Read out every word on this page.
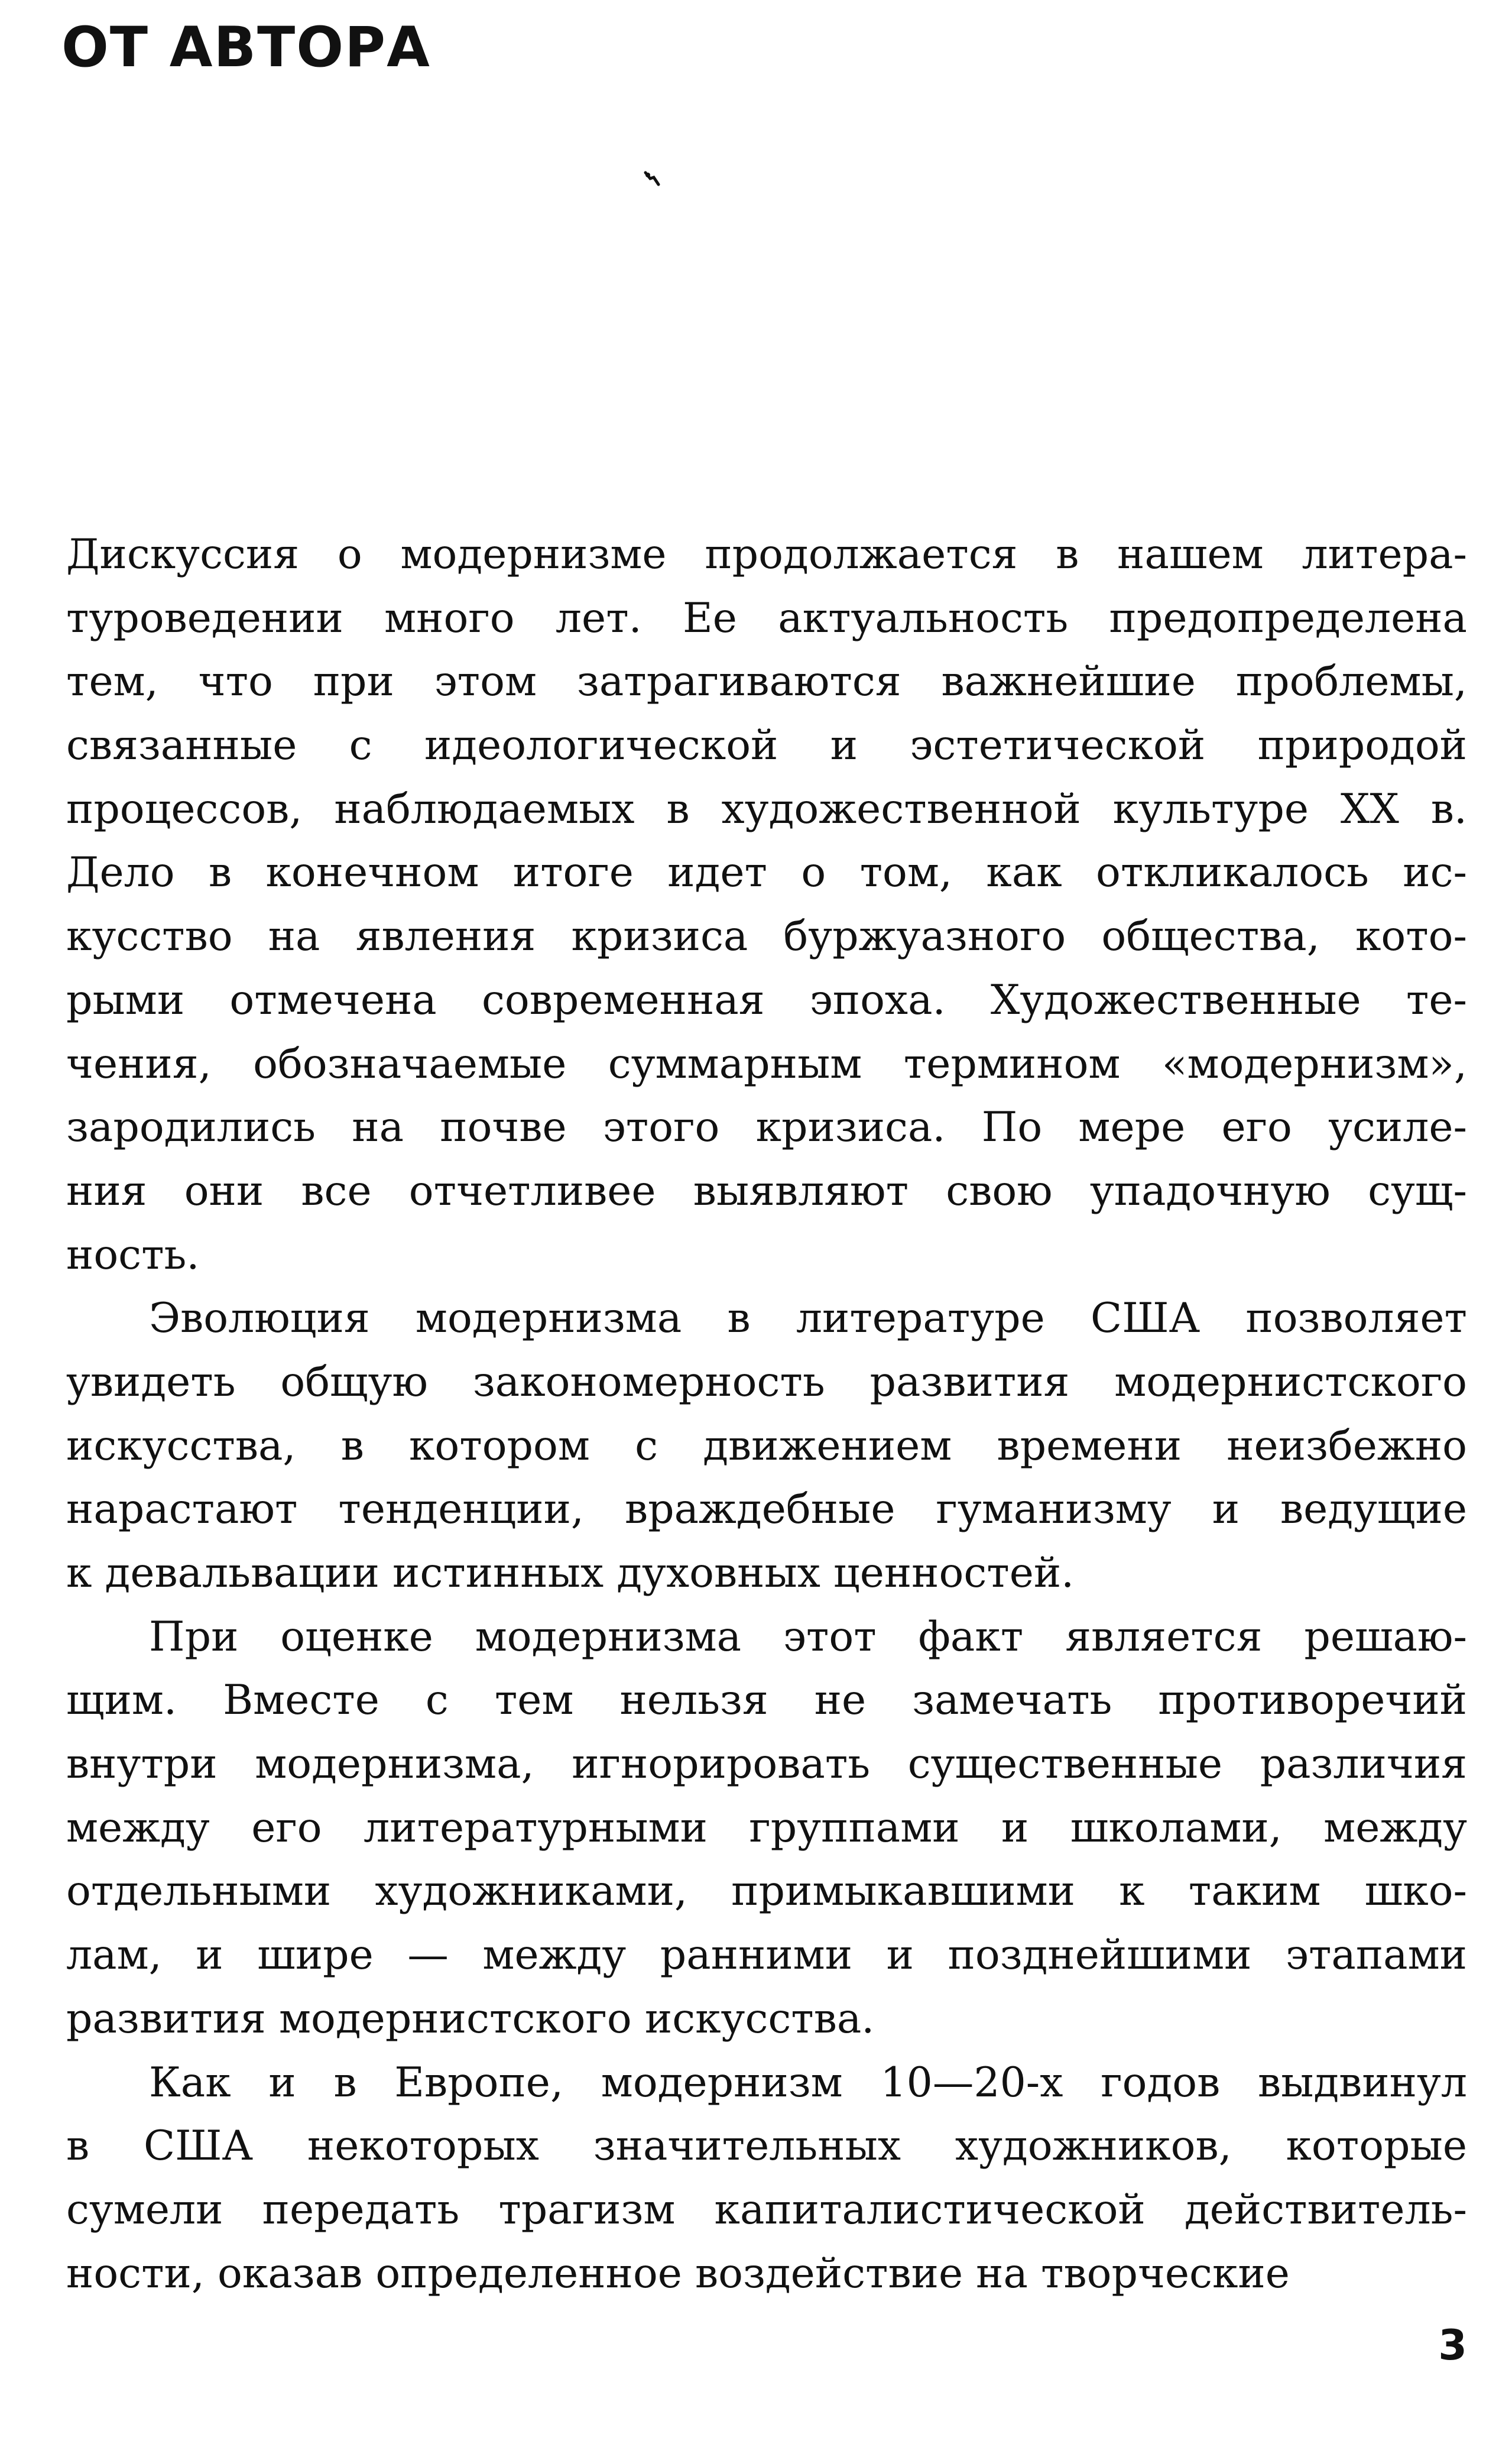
ОТ АВТОРА
Дискуссия о модернизме продолжается в нашем литера-
туроведении много лет. Ее актуальность предопределена
тем, что при этом затрагиваются важнейшие проблемы,
связанные с идеологической и эстетической природой
процессов, наблюдаемых в художественной культуре XX в.
Дело в конечном итоге идет о том, как откликалось ис-
кусство на явления кризиса буржуазного общества, кото-
рыми отмечена современная эпоха. Художественные те-
чения, обозначаемые суммарным термином «модернизм»,
зародились на почве этого кризиса. По мере его усиле-
ния они все отчетливее выявляют свою упадочную сущ-
ность.
Эволюция модернизма в литературе США позволяет
увидеть общую закономерность развития модернистского
искусства, в котором с движением времени неизбежно
нарастают тенденции, враждебные гуманизму и ведущие
к девальвации истинных духовных ценностей.
При оценке модернизма этот факт является решаю-
щим. Вместе с тем нельзя не замечать противоречий
внутри модернизма, игнорировать существенные различия
между его литературными группами и школами, между
отдельными художниками, примыкавшими к таким шко-
лам, и шире — между ранними и позднейшими этапами
развития модернистского искусства.
Как и в Европе, модернизм 10—20-х годов выдвинул
в США некоторых значительных художников, которые
сумели передать трагизм капиталистической действитель-
ности, оказав определенное воздействие на творческие
3
